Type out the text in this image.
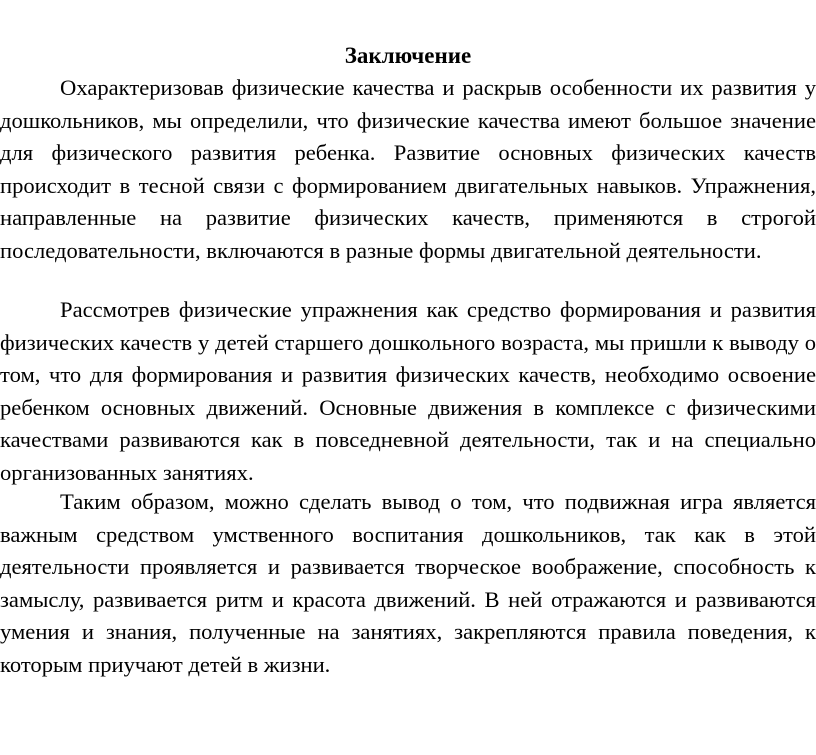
Заключение

Охарактеризовав физические качества и раскрыв особенности их развития у дошкольников, мы определили, что физические качества имеют большое значение для физического развития ребенка. Развитие основных физических качеств происходит в тесной связи с формированием двигательных навыков. Упражнения, направленные на развитие физических качеств, применяются в строгой последовательности, включаются в разные формы двигательной деятельности.

Рассмотрев физические упражнения как средство формирования и развития физических качеств у детей старшего дошкольного возраста, мы пришли к выводу о том, что для формирования и развития физических качеств, необходимо освоение ребенком основных движений. Основные движения в комплексе с физическими качествами развиваются как в повседневной деятельности, так и на специально организованных занятиях.

Таким образом, можно сделать вывод о том, что подвижная игра является важным средством умственного воспитания дошкольников, так как в этой деятельности проявляется и развивается творческое воображение, способность к замыслу, развивается ритм и красота движений. В ней отражаются и развиваются умения и знания, полученные на занятиях, закрепляются правила поведения, к которым приучают детей в жизни.
